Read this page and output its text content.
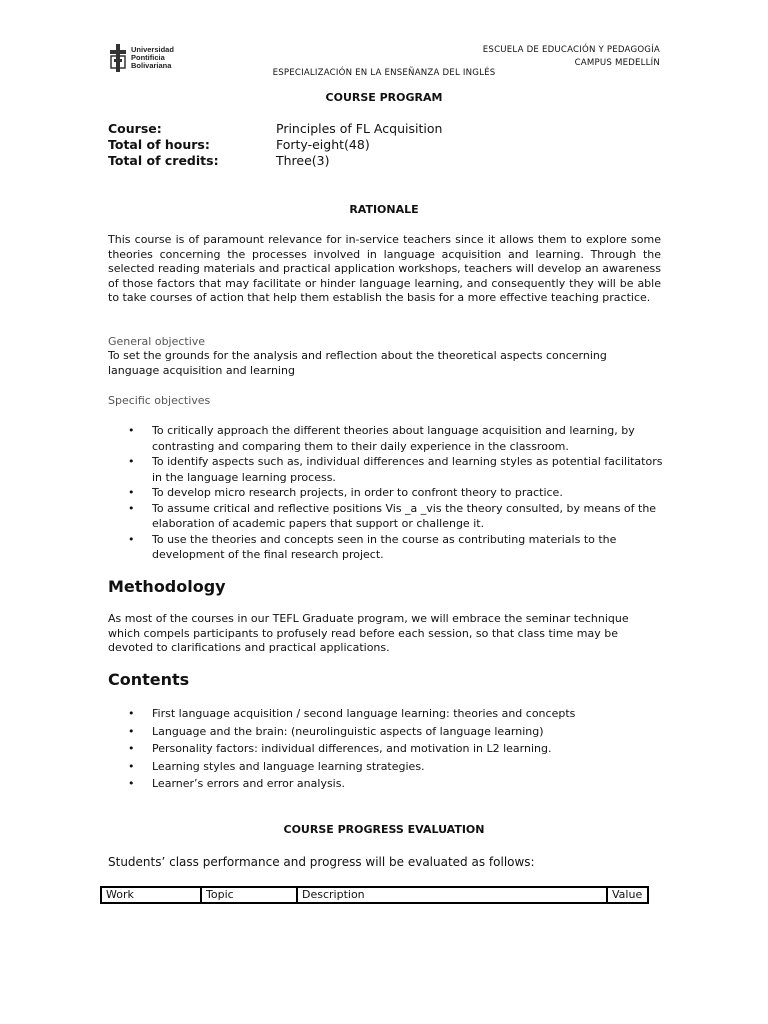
Universidad
Pontificia
Bolivariana
ESCUELA DE EDUCACIÓN Y PEDAGOGÍA
CAMPUS MEDELLÍN
ESPECIALIZACIÓN EN LA ENSEÑANZA DEL INGLÉS
COURSE PROGRAM
Course:	Principles of FL Acquisition
Total of hours:	Forty-eight(48)
Total of credits:	Three(3)
RATIONALE
This course is of paramount relevance for in-service teachers since it allows them to explore some theories concerning the processes involved in language acquisition and learning. Through the selected reading materials and practical application workshops, teachers will develop an awareness of those factors that may facilitate or hinder language learning, and consequently they will be able to take courses of action that help them establish the basis for a more effective teaching practice.
General objective
To set the grounds for the analysis and reflection about the theoretical aspects concerning language acquisition and learning
Specific objectives
• To critically approach the different theories about language acquisition and learning, by contrasting and comparing them to their daily experience in the classroom.
• To identify aspects such as, individual differences and learning styles as potential facilitators in the language learning process.
• To develop micro research projects, in order to confront theory to practice.
• To assume critical and reflective positions Vis _a _vis the theory consulted, by means of the elaboration of academic papers that support or challenge it.
• To use the theories and concepts seen in the course as contributing materials to the development of the final research project.
Methodology
As most of the courses in our TEFL Graduate program, we will embrace the seminar technique which compels participants to profusely read before each session, so that class time may be devoted to clarifications and practical applications.
Contents
• First language acquisition / second language learning: theories and concepts
• Language and the brain: (neurolinguistic aspects of language learning)
• Personality factors: individual differences, and motivation in L2 learning.
• Learning styles and language learning strategies.
• Learner’s errors and error analysis.
COURSE PROGRESS EVALUATION
Students’ class performance and progress will be evaluated as follows:
Work	Topic	Description	Value
